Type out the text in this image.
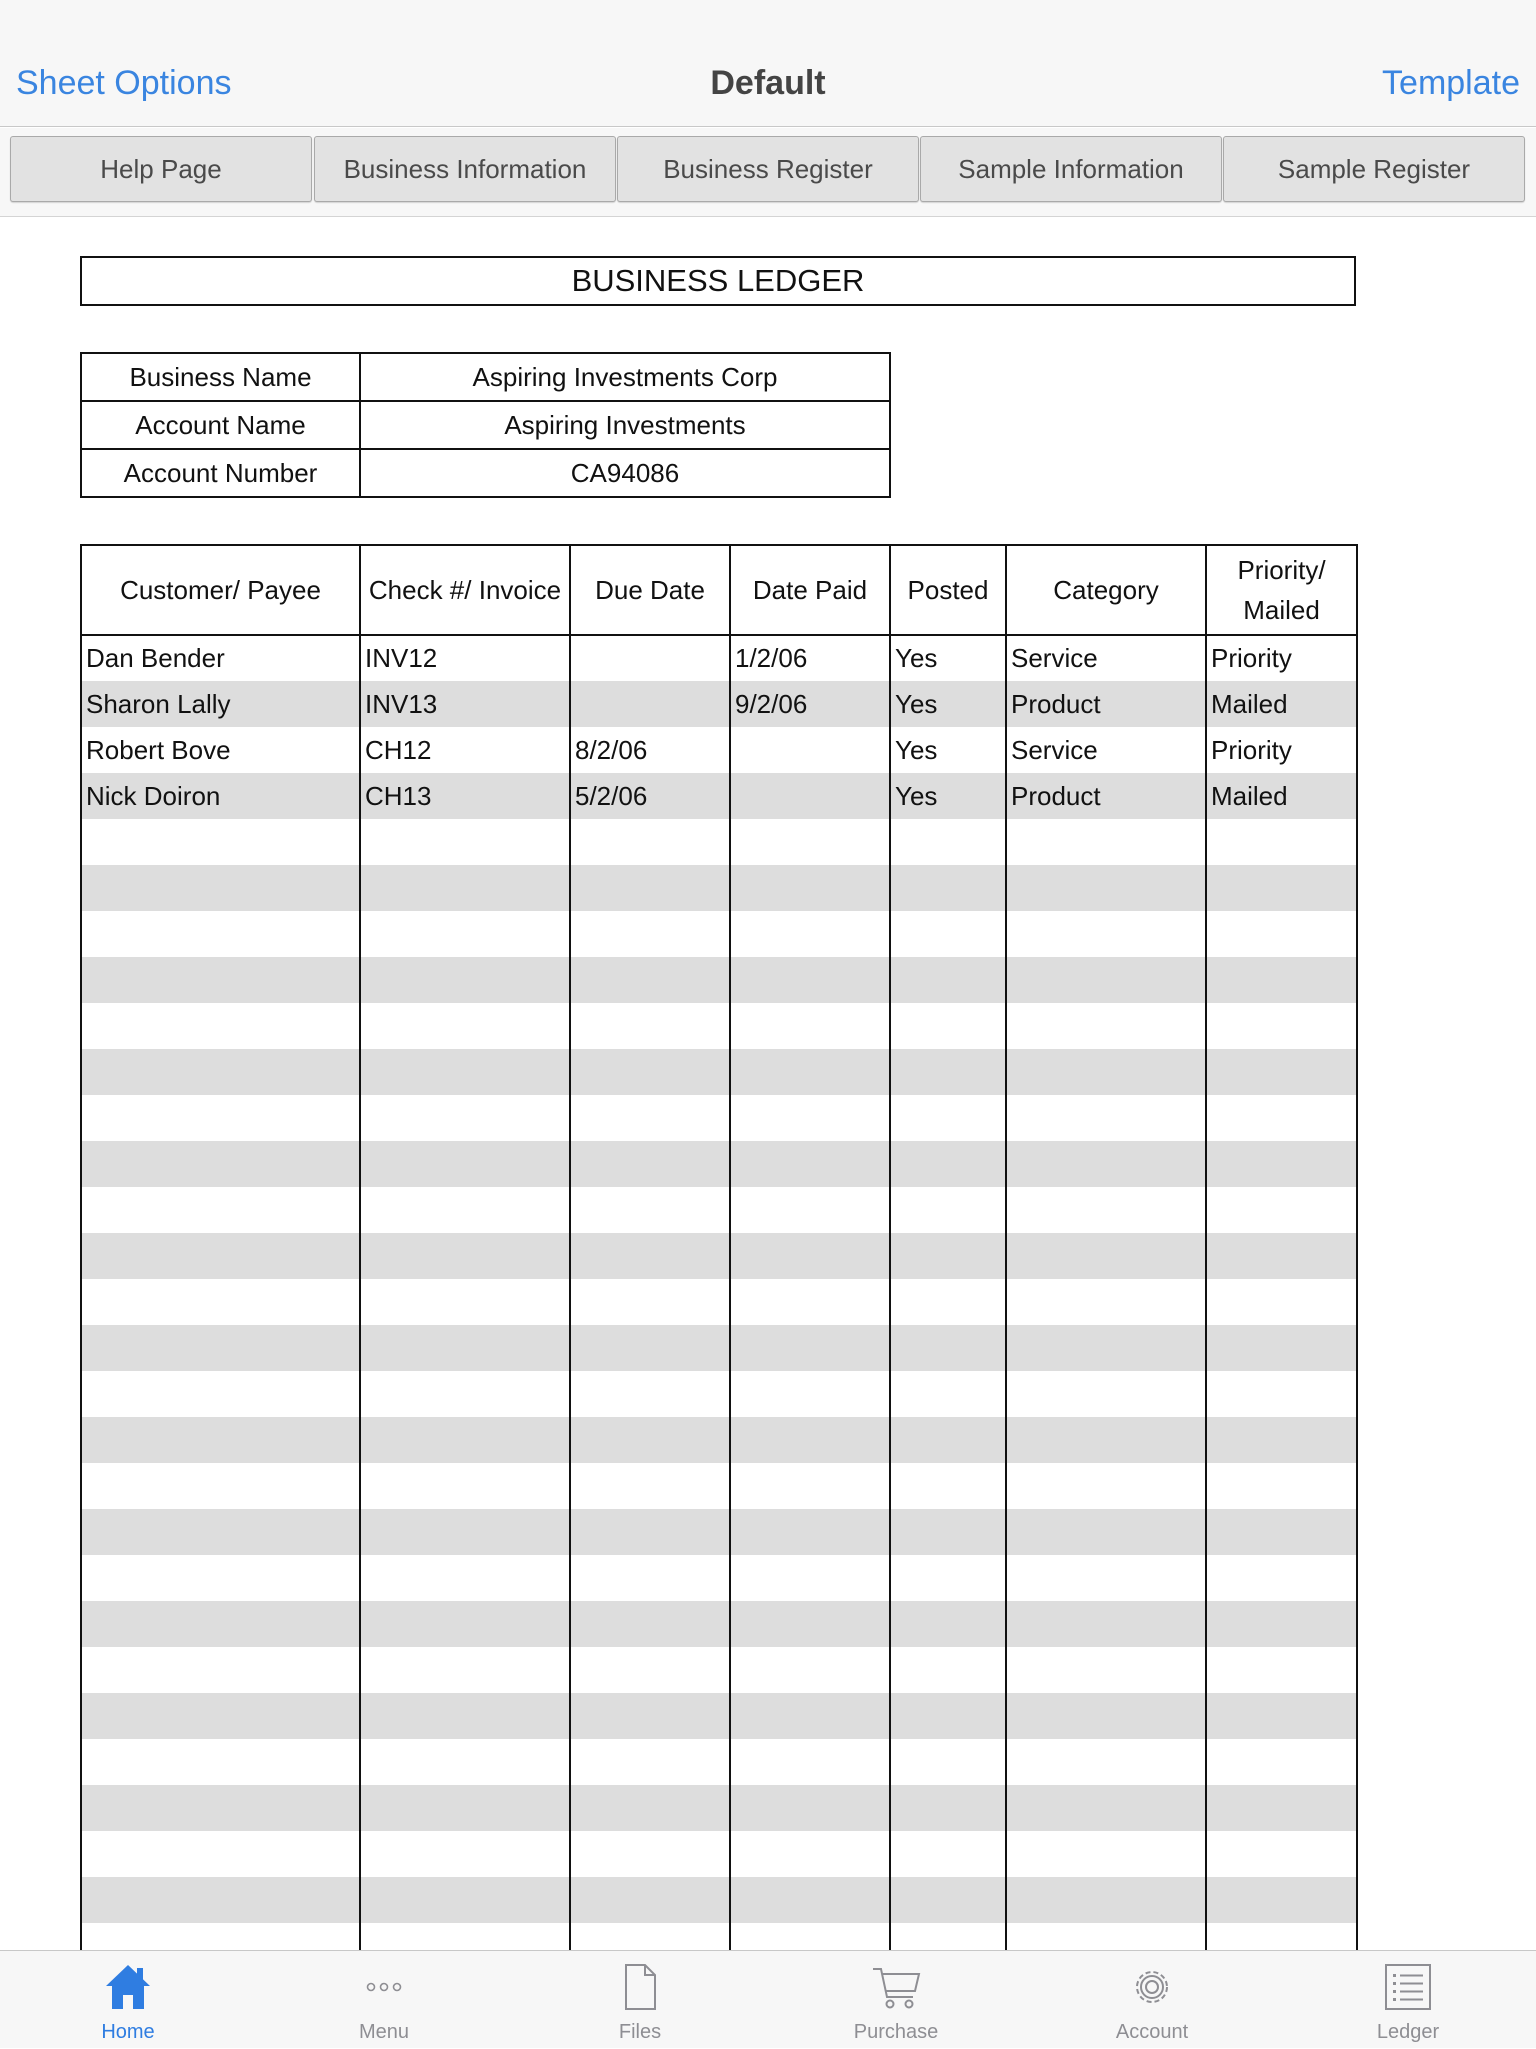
Sheet Options	Default	Template
Help Page	Business Information	Business Register	Sample Information	Sample Register
BUSINESS LEDGER
Business Name	Aspiring Investments Corp
Account Name	Aspiring Investments
Account Number	CA94086
Customer/ Payee	Check #/ Invoice	Due Date	Date Paid	Posted	Category	Priority/
Mailed

Dan Bender	INV12		1/2/06	Yes	Service	Priority
Sharon Lally	INV13		9/2/06	Yes	Product	Mailed
Robert Bove	CH12	8/2/06		Yes	Service	Priority
Nick Doiron	CH13	5/2/06		Yes	Product	Mailed

Home	Menu	Files	Purchase	Account	Ledger
